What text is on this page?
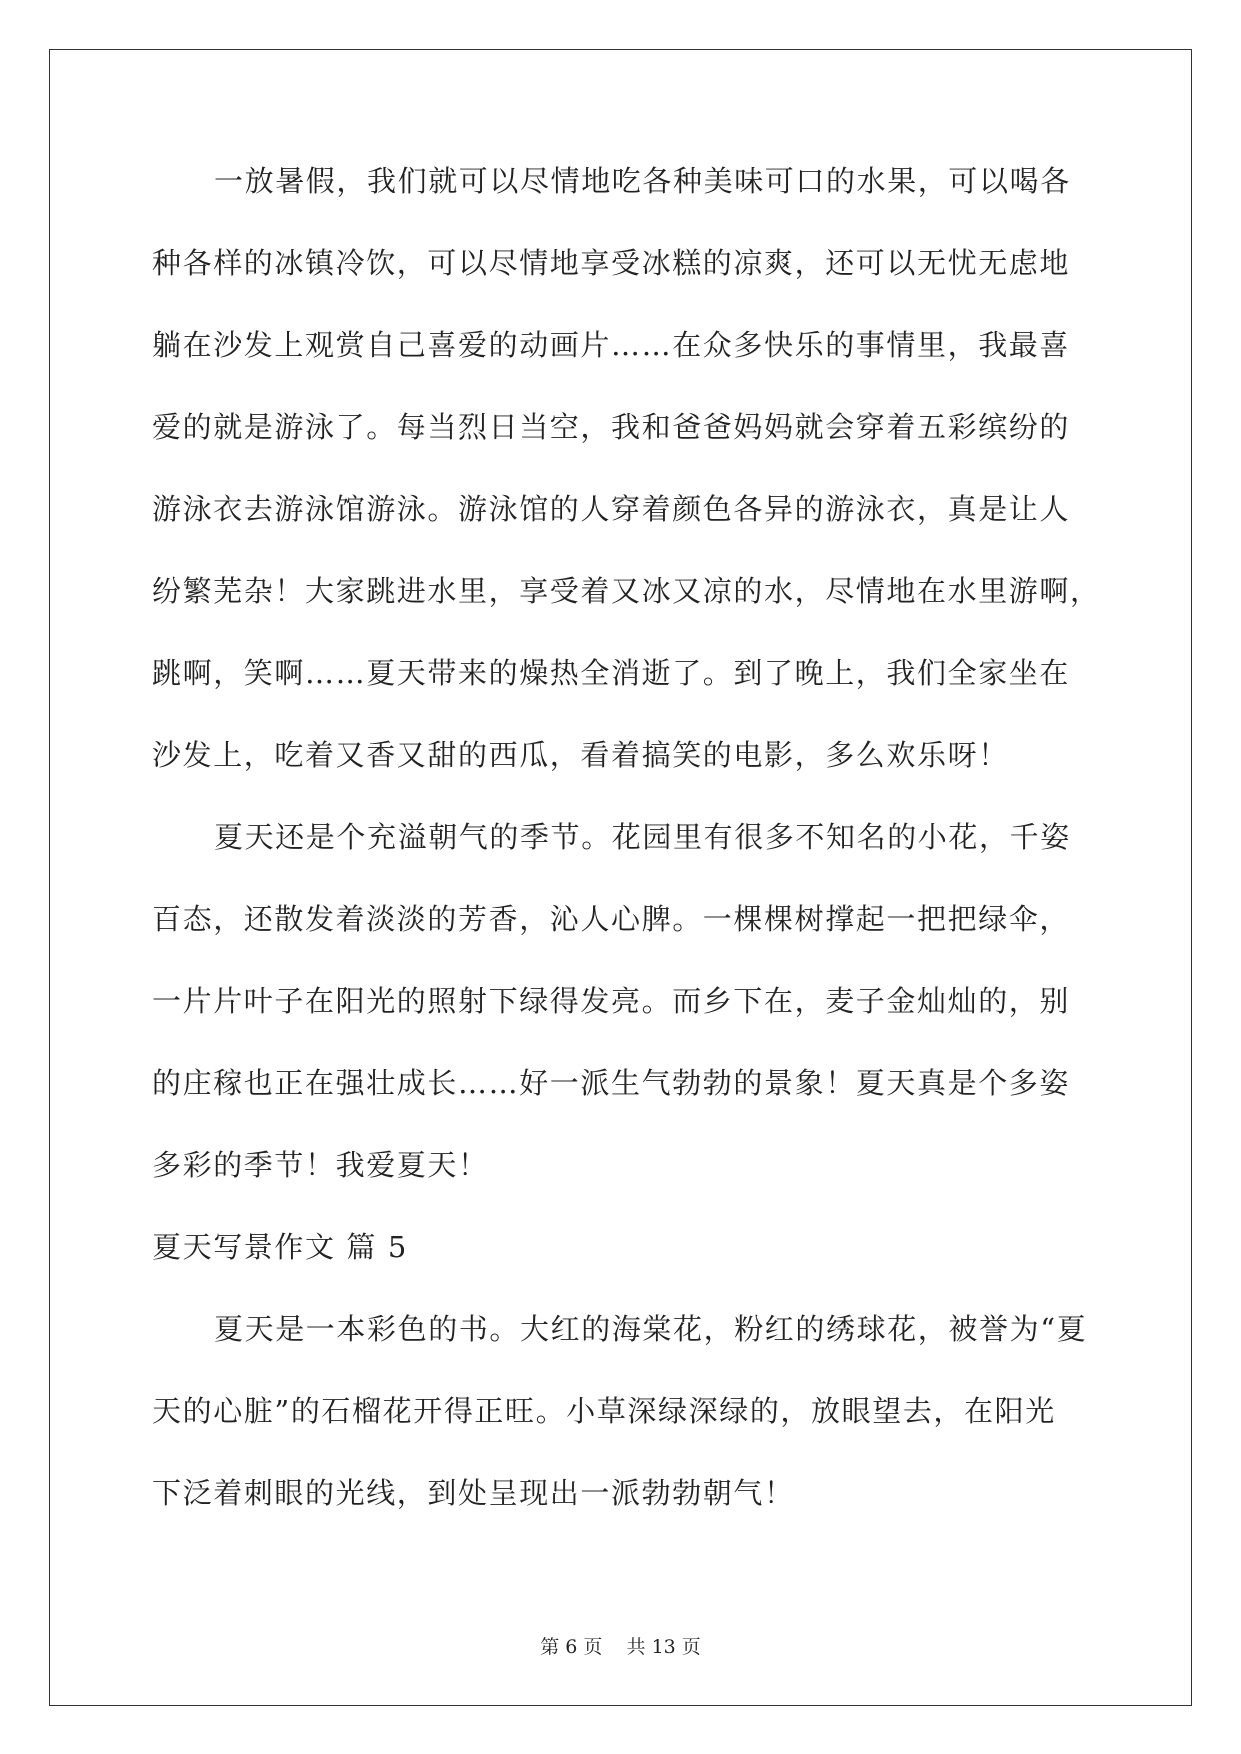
一放暑假，我们就可以尽情地吃各种美味可口的水果，可以喝各
种各样的冰镇冷饮，可以尽情地享受冰糕的凉爽，还可以无忧无虑地
躺在沙发上观赏自己喜爱的动画片……在众多快乐的事情里，我最喜
爱的就是游泳了。每当烈日当空，我和爸爸妈妈就会穿着五彩缤纷的
游泳衣去游泳馆游泳。游泳馆的人穿着颜色各异的游泳衣，真是让人
纷繁芜杂！大家跳进水里，享受着又冰又凉的水，尽情地在水里游啊，
跳啊，笑啊……夏天带来的燥热全消逝了。到了晚上，我们全家坐在
沙发上，吃着又香又甜的西瓜，看着搞笑的电影，多么欢乐呀！
夏天还是个充溢朝气的季节。花园里有很多不知名的小花，千姿
百态，还散发着淡淡的芳香，沁人心脾。一棵棵树撑起一把把绿伞，
一片片叶子在阳光的照射下绿得发亮。而乡下在，麦子金灿灿的，别
的庄稼也正在强壮成长……好一派生气勃勃的景象！夏天真是个多姿
多彩的季节！我爱夏天！
夏天写景作文 篇 5
夏天是一本彩色的书。大红的海棠花，粉红的绣球花，被誉为“夏
天的心脏”的石榴花开得正旺。小草深绿深绿的，放眼望去，在阳光
下泛着刺眼的光线，到处呈现出一派勃勃朝气！
第 6 页    共 13 页
